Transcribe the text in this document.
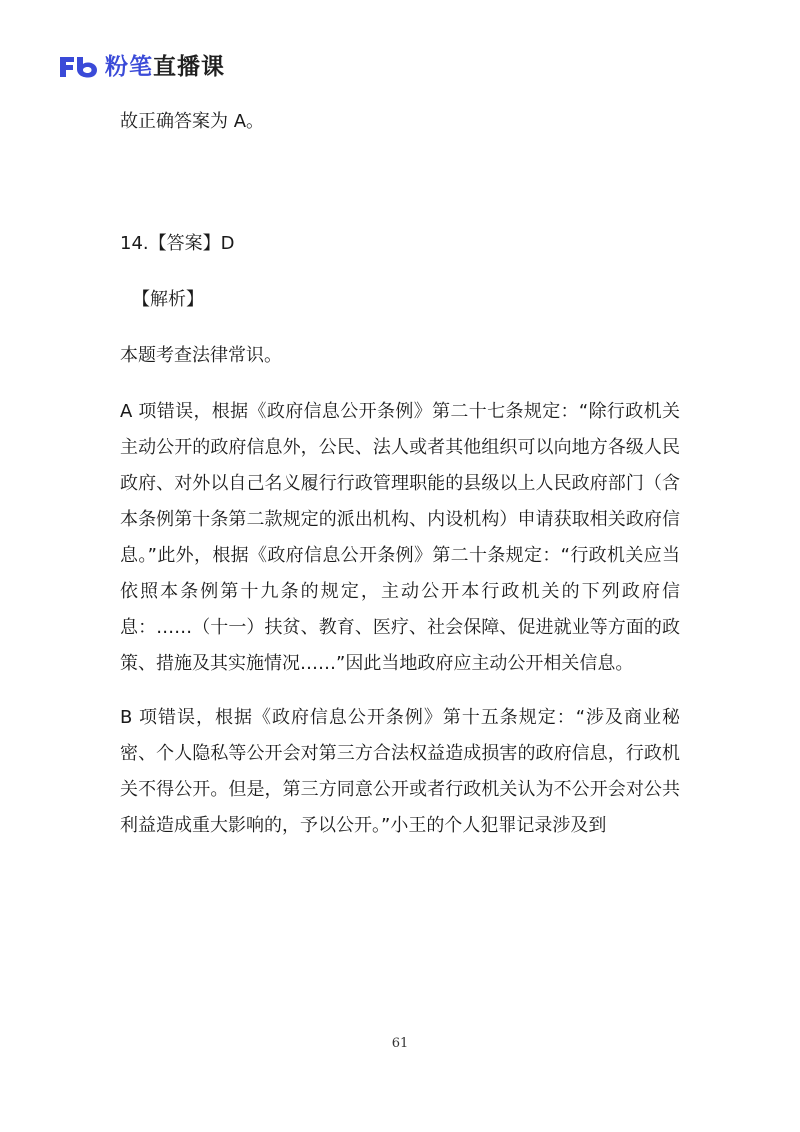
粉笔直播课

故正确答案为 A。

14.【答案】D

【解析】

本题考查法律常识。

A 项错误，根据《政府信息公开条例》第二十七条规定：“除行政机关主动公开的政府信息外，公民、法人或者其他组织可以向地方各级人民政府、对外以自己名义履行行政管理职能的县级以上人民政府部门（含本条例第十条第二款规定的派出机构、内设机构）申请获取相关政府信息。”此外，根据《政府信息公开条例》第二十条规定：“行政机关应当依照本条例第十九条的规定，主动公开本行政机关的下列政府信息：……（十一）扶贫、教育、医疗、社会保障、促进就业等方面的政策、措施及其实施情况……”因此当地政府应主动公开相关信息。

B 项错误，根据《政府信息公开条例》第十五条规定：“涉及商业秘密、个人隐私等公开会对第三方合法权益造成损害的政府信息，行政机关不得公开。但是，第三方同意公开或者行政机关认为不公开会对公共利益造成重大影响的，予以公开。”小王的个人犯罪记录涉及到

61
